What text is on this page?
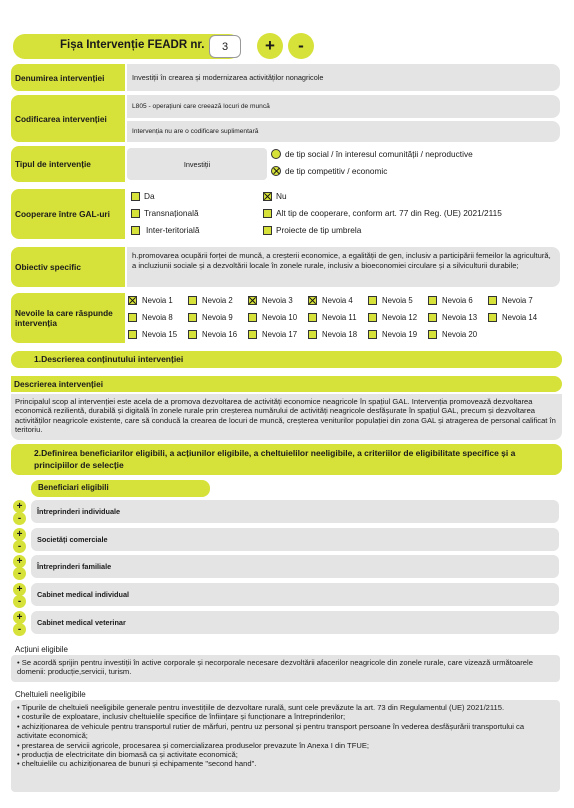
Fișa Intervenție FEADR nr.	3	+	-
Denumirea intervenției	Investiții în crearea și modernizarea activităților nonagricole
Codificarea intervenției
L805 - operațiuni care creează locuri de muncă
Intervenția nu are o codificare suplimentară
Tipul de intervenție	Investiții
de tip social / în interesul comunității / neproductive
de tip competitiv / economic
Cooperare între GAL-uri
Da	Nu
Transnațională	Alt tip de cooperare, conform art. 77 din Reg. (UE) 2021/2115
Inter-teritorială	Proiecte de tip umbrela
Obiectiv specific
h.promovarea ocupării forței de muncă, a creșterii economice, a egalității de gen, inclusiv a participării femeilor la agricultură, a incluziunii sociale și a dezvoltării locale în zonele rurale, inclusiv a bioeconomiei circulare și a silviculturii durabile;
Nevoile la care răspunde intervenția
Nevoia 1	Nevoia 2	Nevoia 3	Nevoia 4	Nevoia 5	Nevoia 6	Nevoia 7
Nevoia 8	Nevoia 9	Nevoia 10	Nevoia 11	Nevoia 12	Nevoia 13	Nevoia 14
Nevoia 15	Nevoia 16	Nevoia 17	Nevoia 18	Nevoia 19	Nevoia 20
1.Descrierea conținutului intervenției
Descrierea intervenției
Principalul scop al intervenției este acela de a promova dezvoltarea de activități economice neagricole în spațiul GAL. Intervenția promovează dezvoltarea economică rezilientă, durabilă și digitală în zonele rurale prin creșterea numărului de activități neagricole desfășurate în spațiul GAL, precum și dezvoltarea activităților neagricole existente, care să conducă la crearea de locuri de muncă, creșterea veniturilor populației din zona GAL și atragerea de personal calificat în teritoriu.
2.Definirea beneficiarilor eligibili, a acțiunilor eligibile, a cheltuielilor neeligibile, a criteriilor de eligibilitate specifice și a principiilor de selecție
Beneficiari eligibili
+
-
Întreprinderi individuale
+
-
Societăți comerciale
+
-
Întreprinderi familiale
+
-
Cabinet medical individual
+
-
Cabinet medical veterinar
Acțiuni eligibile
• Se acordă sprijin pentru investiții în active corporale și necorporale necesare dezvoltării afacerilor neagricole din zonele rurale, care vizează următoarele domenii: producție,servicii, turism.
Cheltuieli neeligibile
• Tipurile de cheltuieli neeligibile generale pentru investițiile de dezvoltare rurală, sunt cele prevăzute la art. 73 din Regulamentul (UE) 2021/2115.
• costurile de exploatare, inclusiv cheltuielile specifice de înființare și funcționare a întreprinderilor;
• achiziționarea de vehicule pentru transportul rutier de mărfuri, pentru uz personal și pentru transport persoane în vederea desfășurării transportului ca activitate economică;
• prestarea de servicii agricole, procesarea și comercializarea produselor prevazute în Anexa I din TFUE;
• producția de electricitate din biomasă ca și activitate economică;
• cheltuielile cu achiziționarea de bunuri și echipamente "second hand".
